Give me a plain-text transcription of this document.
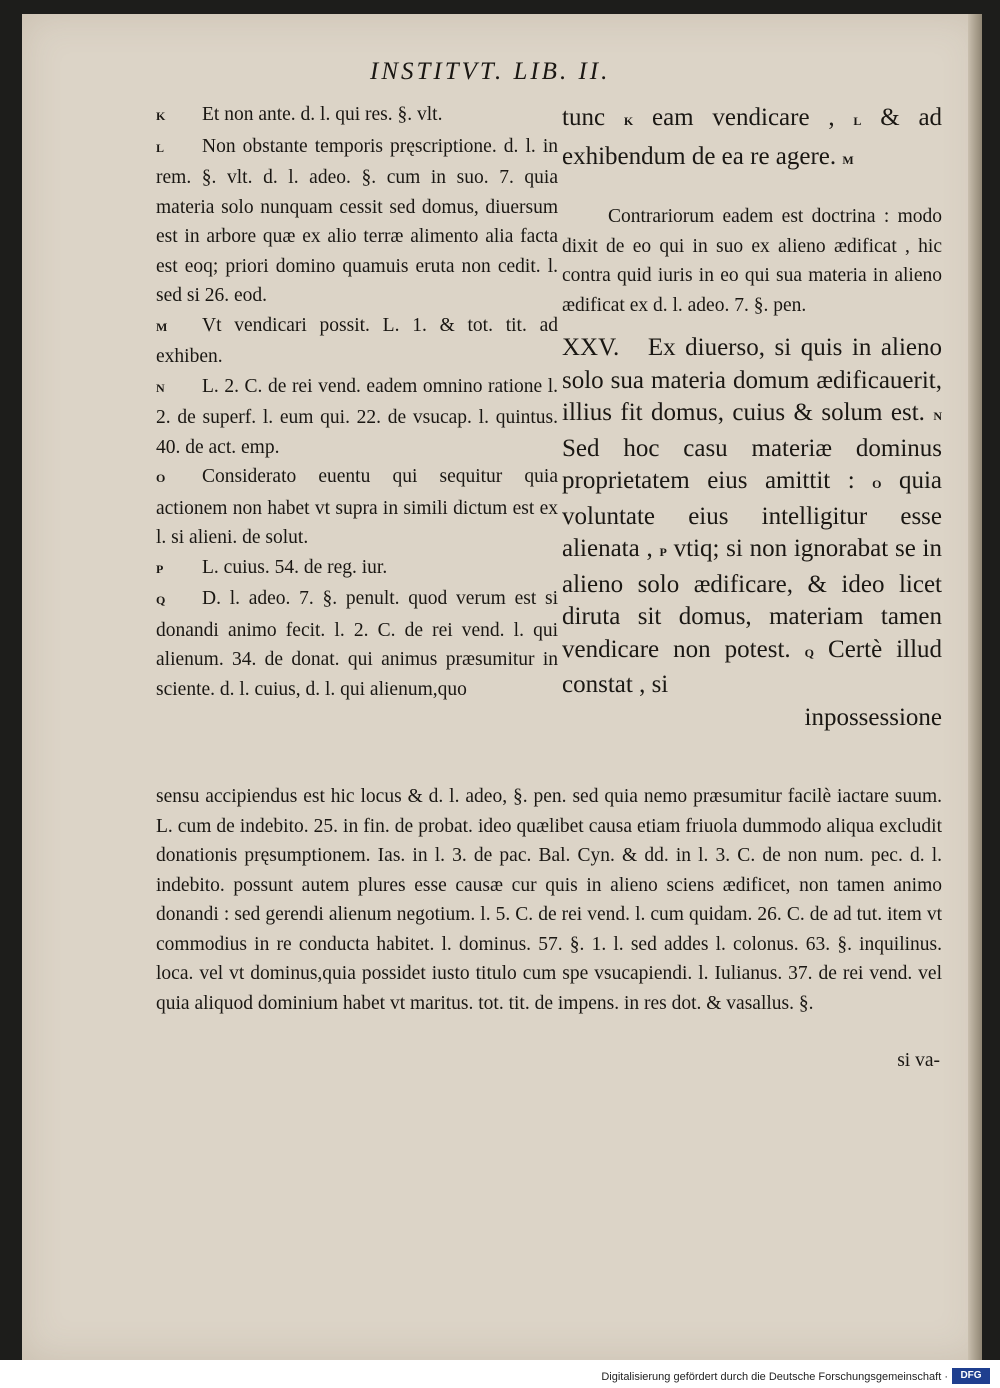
INSTITVT. LIB. II.

K Et non ante. d. l. qui res. §. vlt.

L Non obstante temporis pręscriptione. d. l. in rem. §. vlt. d. l. adeo. §. cum in suo. 7. quia materia solo nunquam cessit sed domus, diuersum est in arbore quæ ex alio terræ alimento alia facta est eoq; priori domino quamuis eruta non cedit. l. sed si 26. eod.

M Vt vendicari possit. L. 1. & tot. tit. ad exhiben.

N L. 2. C. de rei vend. eadem omnino ratione l. 2. de superf. l. eum qui. 22. de vsucap. l. quintus. 40. de act. emp.

O Considerato euentu qui sequitur quia actionem non habet vt supra in simili dictum est ex l. si alieni. de solut.

P L. cuius. 54. de reg. iur.

Q D. l. adeo. 7. §. penult. quod verum est si donandi animo fecit. l. 2. C. de rei vend. l. qui alienum. 34. de donat. qui animus præsumitur in sciente. d. l. cuius, d. l. qui alienum,quo

tunc K eam vendicare , L & ad exhibendum de ea re agere. M

Contrariorum eadem est doctrina : modo dixit de eo qui in suo ex alieno ædificat , hic contra quid iuris in eo qui sua materia in alieno ædificat ex d. l. adeo. 7. §. pen.

XXV. Ex diuerso, si quis in alieno solo sua materia domum ædificauerit, illius fit domus, cuius & solum est. N Sed hoc casu materiæ dominus proprietatem eius amittit : O quia voluntate eius intelligitur esse alienata , P vtiq; si non ignorabat se in alieno solo ædificare, & ideo licet diruta sit domus, materiam tamen vendicare non potest. Q Certè illud constat , si

inpossessione

sensu accipiendus est hic locus & d. l. adeo, §. pen. sed quia nemo præsumitur facilè iactare suum. L. cum de indebito. 25. in fin. de probat. ideo quælibet causa etiam friuola dummodo aliqua excludit donationis pręsumptionem. Ias. in l. 3. de pac. Bal. Cyn. & dd. in l. 3. C. de non num. pec. d. l. indebito. possunt autem plures esse causæ cur quis in alieno sciens ædificet, non tamen animo donandi : sed gerendi alienum negotium. l. 5. C. de rei vend. l. cum quidam. 26. C. de ad tut. item vt commodius in re conducta habitet. l. dominus. 57. §. 1. l. sed addes l. colonus. 63. §. inquilinus. loca. vel vt dominus,quia possidet iusto titulo cum spe vsucapiendi. l. Iulianus. 37. de rei vend. vel quia aliquod dominium habet vt maritus. tot. tit. de impens. in res dot. & vasallus. §.

si va-

Digitalisierung gefördert durch die Deutsche Forschungsgemeinschaft ·	DFG
